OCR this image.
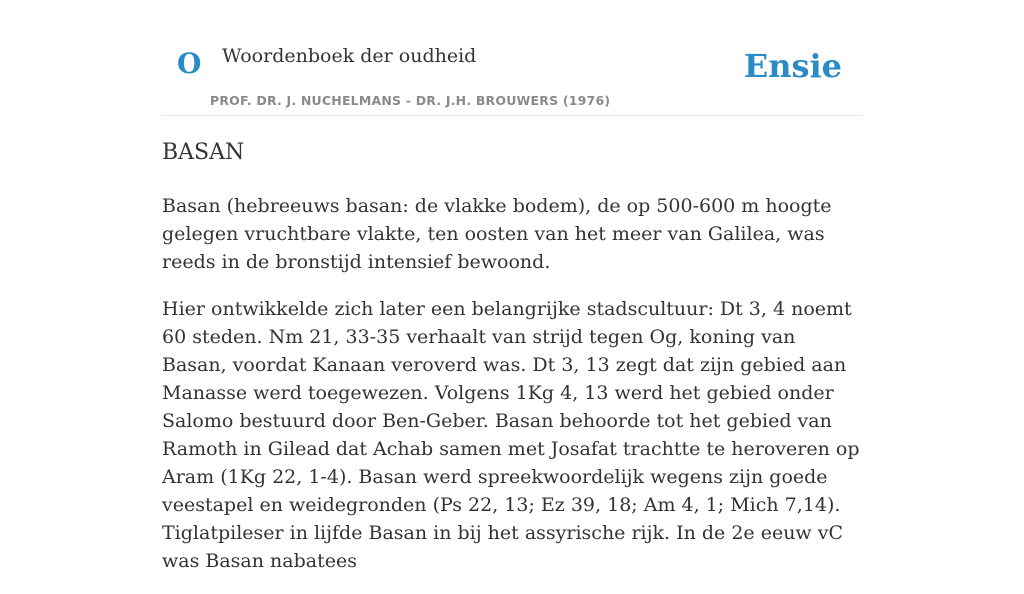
O Woordenboek der oudheid
PROF. DR. J. NUCHELMANS - DR. J.H. BROUWERS (1976)
Ensie
BASAN

Basan (hebreeuws basan: de vlakke bodem), de op 500-600 m hoogte gelegen vruchtbare vlakte, ten oosten van het meer van Galilea, was reeds in de bronstijd intensief bewoond.

Hier ontwikkelde zich later een belangrijke stadscultuur: Dt 3, 4 noemt 60 steden. Nm 21, 33-35 verhaalt van strijd tegen Og, koning van Basan, voordat Kanaan veroverd was. Dt 3, 13 zegt dat zijn gebied aan Manasse werd toegewezen. Volgens 1Kg 4, 13 werd het gebied onder Salomo bestuurd door Ben-Geber. Basan behoorde tot het gebied van Ramoth in Gilead dat Achab samen met Josafat trachtte te heroveren op Aram (1Kg 22, 1-4). Basan werd spreekwoordelijk wegens zijn goede veestapel en weidegronden (Ps 22, 13; Ez 39, 18; Am 4, 1; Mich 7,14). Tiglatpileser in lijfde Basan in bij het assyrische rijk. In de 2e eeuw vC was Basan nabatees
